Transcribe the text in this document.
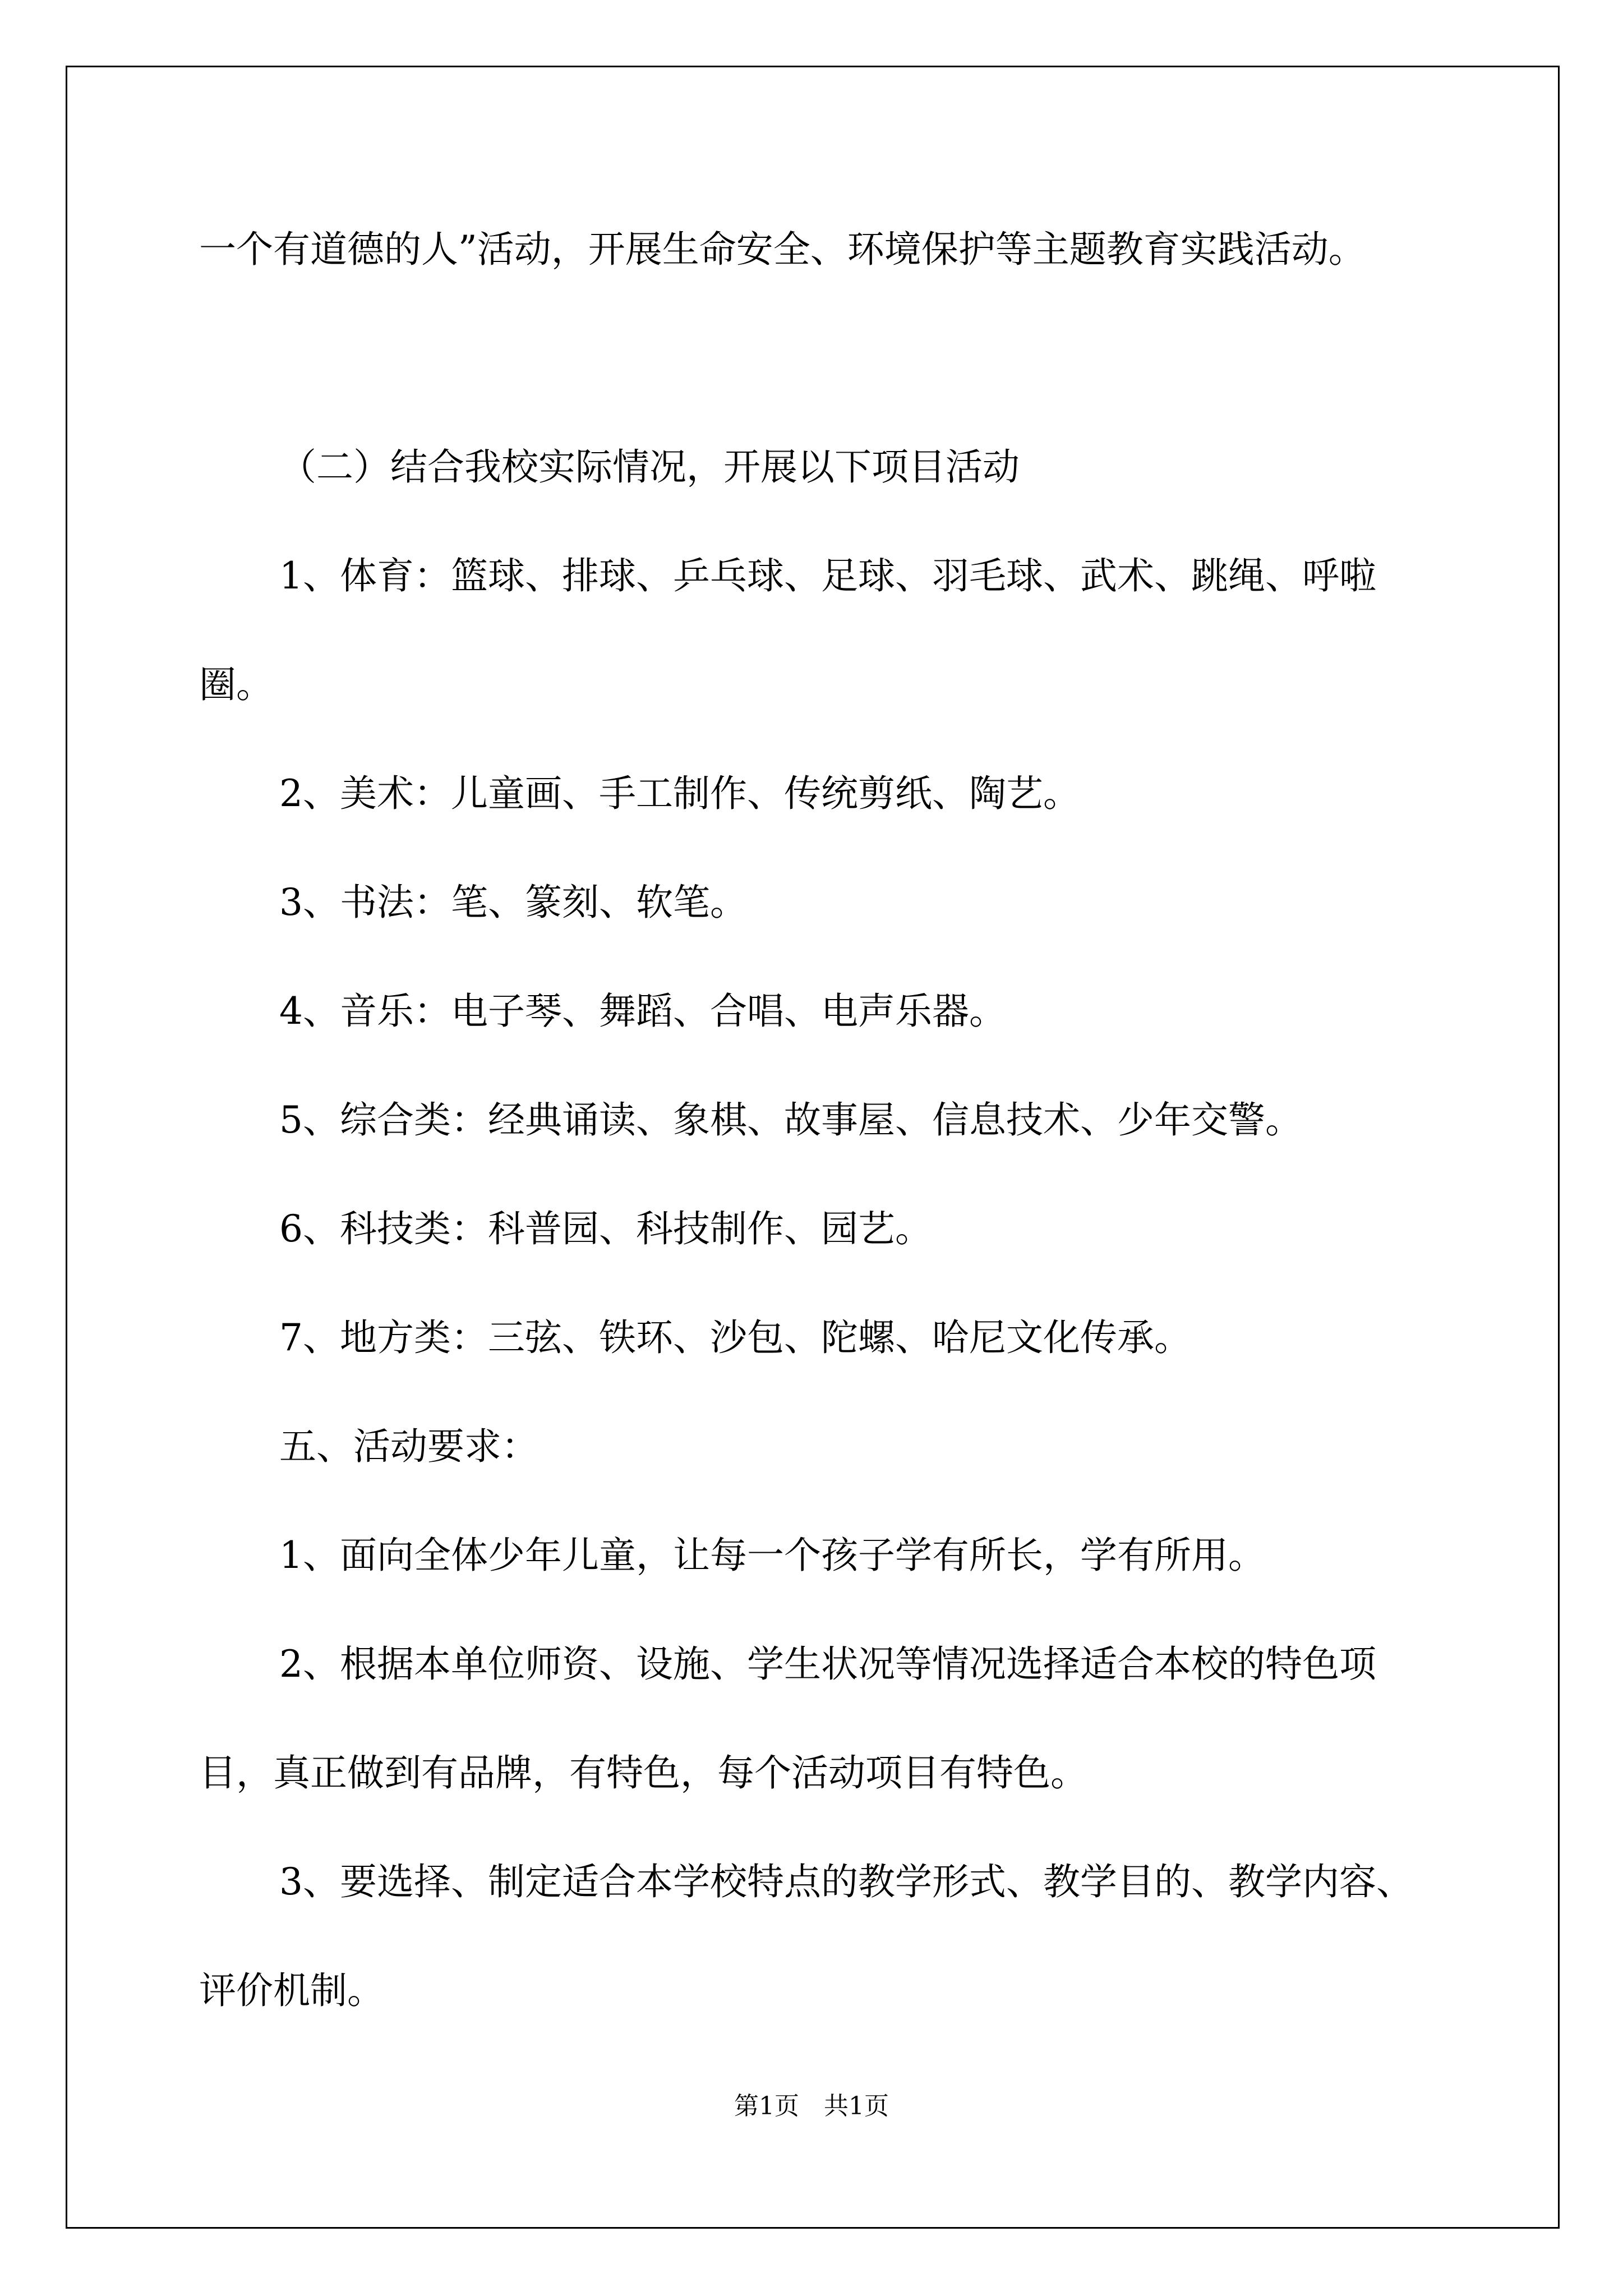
一个有道德的人”活动，开展生命安全、环境保护等主题教育实践活动。

（二）结合我校实际情况，开展以下项目活动

1、体育：篮球、排球、乒乓球、足球、羽毛球、武术、跳绳、呼啦圈。

2、美术：儿童画、手工制作、传统剪纸、陶艺。

3、书法：笔、篆刻、软笔。

4、音乐：电子琴、舞蹈、合唱、电声乐器。

5、综合类：经典诵读、象棋、故事屋、信息技术、少年交警。

6、科技类：科普园、科技制作、园艺。

7、地方类：三弦、铁环、沙包、陀螺、哈尼文化传承。

五、活动要求：

1、面向全体少年儿童，让每一个孩子学有所长，学有所用。

2、根据本单位师资、设施、学生状况等情况选择适合本校的特色项目，真正做到有品牌，有特色，每个活动项目有特色。

3、要选择、制定适合本学校特点的教学形式、教学目的、教学内容、评价机制。

第1页　共1页
